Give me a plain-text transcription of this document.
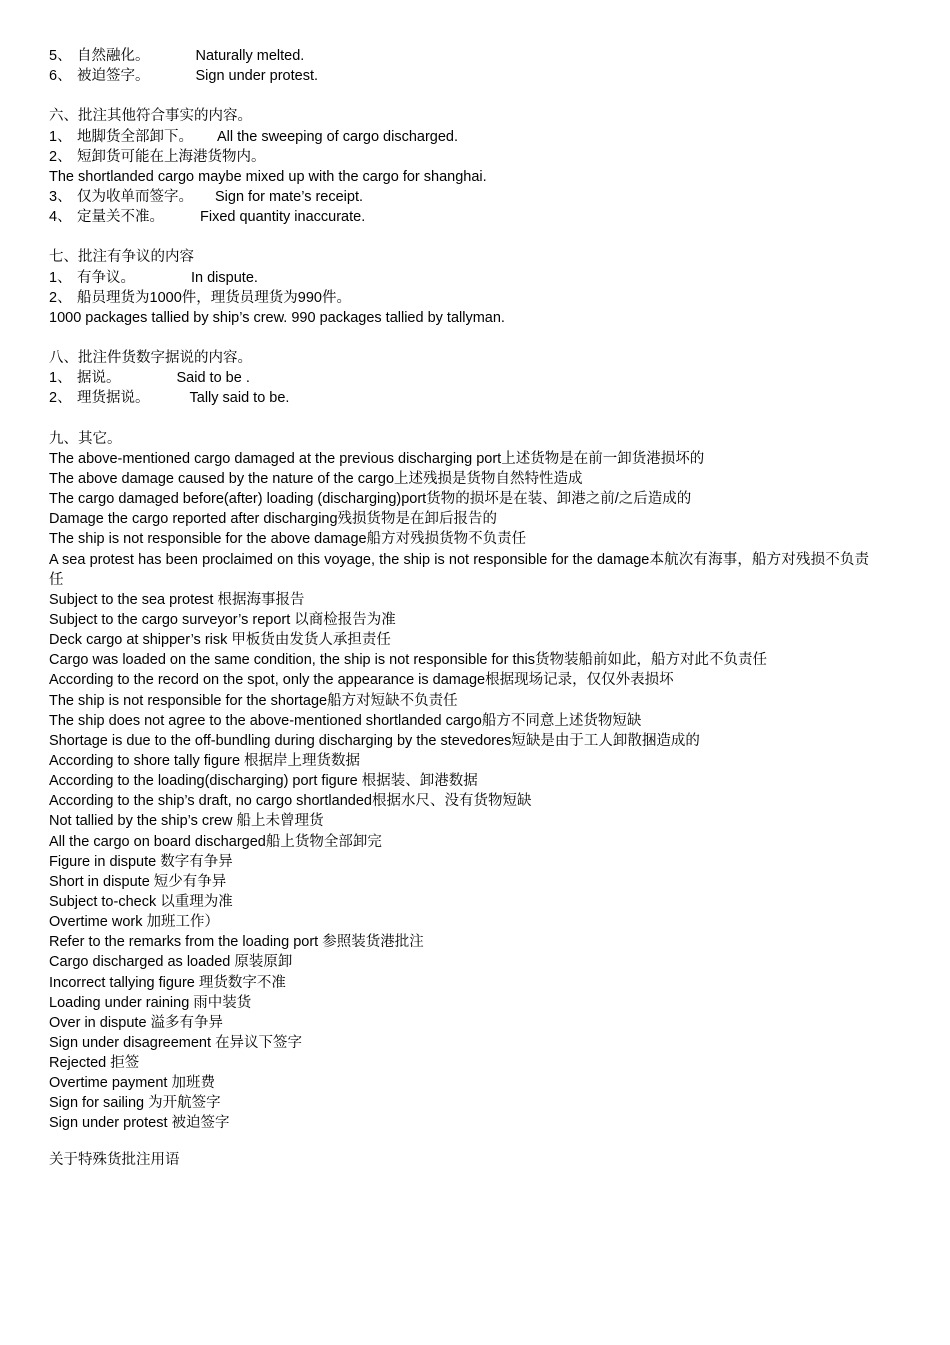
5、 自然融化。	Naturally melted.
6、 被迫签字。	Sign under protest.
六、批注其他符合事实的内容。
1、 地脚货全部卸下。 All the sweeping of cargo discharged.
2、 短卸货可能在上海港货物内。
The shortlanded cargo maybe mixed up with the cargo for shanghai.
3、 仅为收单而签字。 Sign for mate’s receipt.
4、 定量关不准。 Fixed quantity inaccurate.
七、批注有争议的内容
1、 有争议。	In dispute.
2、 船员理货为1000件，理货员理货为990件。
1000 packages tallied by ship’s crew. 990 packages tallied by tallyman.
八、批注件货数字据说的内容。
1、 据说。	Said to be .
2、 理货据说。	Tally said to be.
九、其它。
The above-mentioned cargo damaged at the previous discharging port上述货物是在前一卸货港损坏的
The above damage caused by the nature of the cargo上述残损是货物自然特性造成
The cargo damaged before(after) loading (discharging)port货物的损坏是在装、卸港之前/之后造成的
Damage the cargo reported after discharging残损货物是在卸后报告的
The ship is not responsible for the above damage船方对残损货物不负责任
A sea protest has been proclaimed on this voyage, the ship is not responsible for the damage本航次有海事，船方对残损不负责任
Subject to the sea protest 根据海事报告
Subject to the cargo surveyor’s report 以商检报告为准
Deck cargo at shipper’s risk 甲板货由发货人承担责任
Cargo was loaded on the same condition, the ship is not responsible for this货物装船前如此，船方对此不负责任
According to the record on the spot, only the appearance is damage根据现场记录，仅仅外表损坏
The ship is not responsible for the shortage船方对短缺不负责任
The ship does not agree to the above-mentioned shortlanded cargo船方不同意上述货物短缺
Shortage is due to the off-bundling during discharging by the stevedores短缺是由于工人卸散捆造成的
According to shore tally figure 根据岸上理货数据
According to the loading(discharging) port figure 根据装、卸港数据
According to the ship’s draft, no cargo shortlanded根据水尺、没有货物短缺
Not tallied by the ship’s crew 船上未曾理货
All the cargo on board discharged船上货物全部卸完
Figure in dispute 数字有争异
Short in dispute 短少有争异
Subject to-check 以重理为准
Overtime work 加班工作）
Refer to the remarks from the loading port 参照装货港批注
Cargo discharged as loaded 原装原卸
Incorrect tallying figure 理货数字不准
Loading under raining 雨中装货
Over in dispute 溢多有争异
Sign under disagreement 在异议下签字
Rejected 拒签
Overtime payment 加班费
Sign for sailing 为开航签字
Sign under protest 被迫签字
关于特殊货批注用语
